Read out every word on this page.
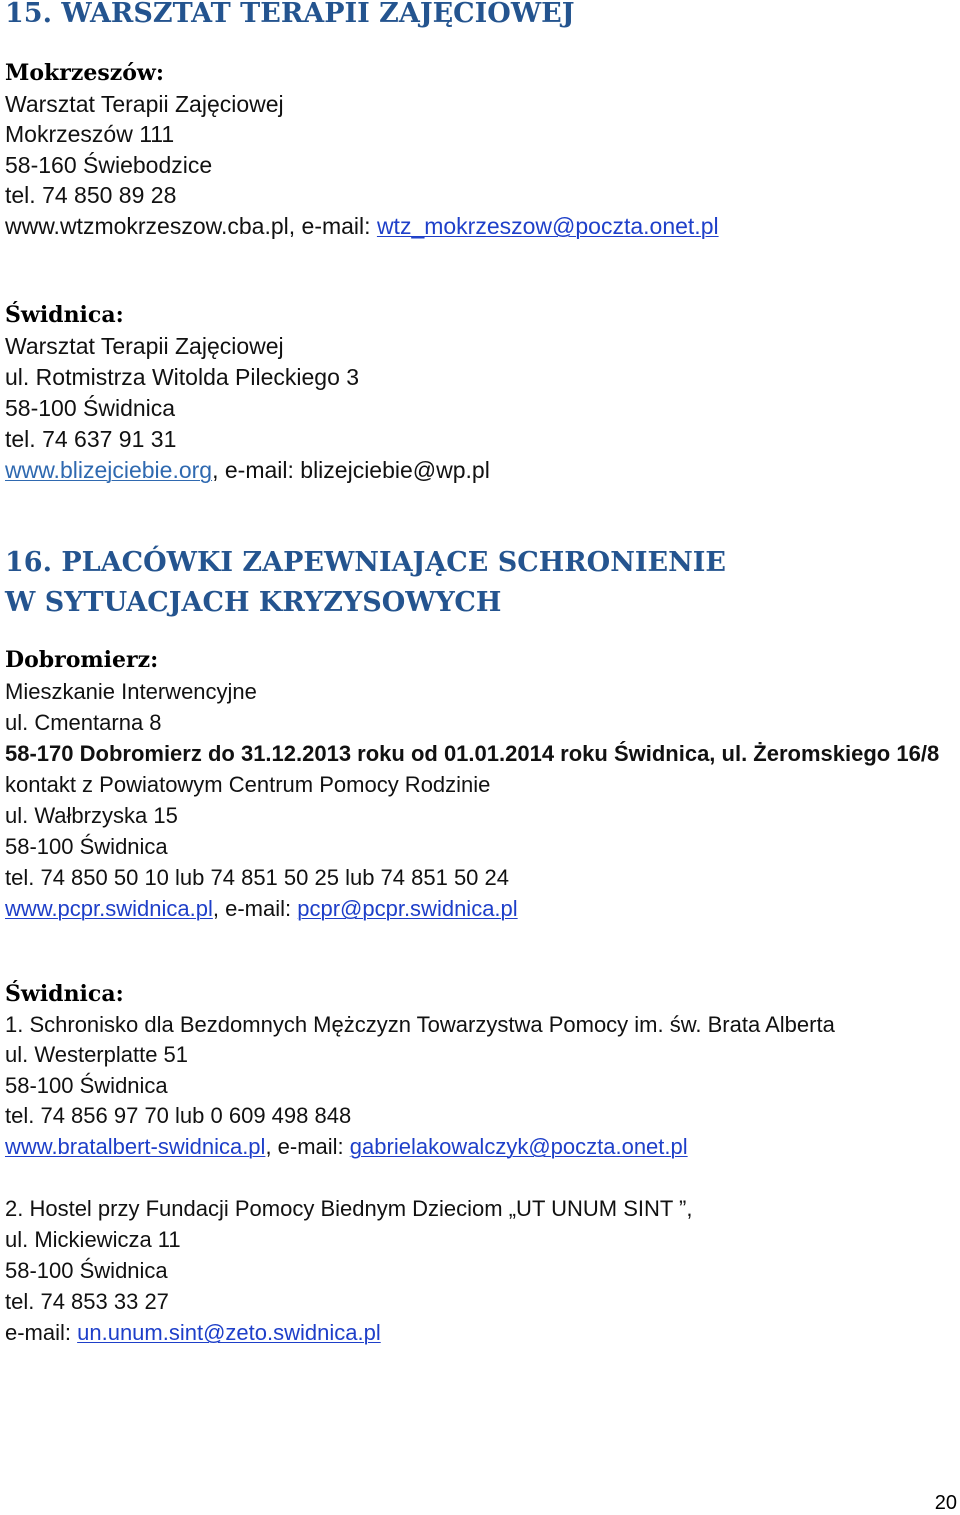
15. WARSZTAT TERAPII ZAJĘCIOWEJ
Mokrzeszów:
Warsztat Terapii Zajęciowej
Mokrzeszów 111
58-160 Świebodzice
tel. 74 850 89 28
www.wtzmokrzeszow.cba.pl, e-mail: wtz_mokrzeszow@poczta.onet.pl
Świdnica:
Warsztat Terapii Zajęciowej
ul. Rotmistrza Witolda Pileckiego 3
58-100 Świdnica
tel. 74 637 91 31
www.blizejciebie.org, e-mail: blizejciebie@wp.pl
16. PLACÓWKI ZAPEWNIAJĄCE SCHRONIENIE
W SYTUACJACH KRYZYSOWYCH
Dobromierz:
Mieszkanie Interwencyjne
ul. Cmentarna 8
58-170 Dobromierz do 31.12.2013 roku od 01.01.2014 roku Świdnica, ul. Żeromskiego 16/8
kontakt z Powiatowym Centrum Pomocy Rodzinie
ul. Wałbrzyska 15
58-100 Świdnica
tel. 74 850 50 10 lub 74 851 50 25 lub 74 851 50 24
www.pcpr.swidnica.pl, e-mail: pcpr@pcpr.swidnica.pl
Świdnica:
1. Schronisko dla Bezdomnych Mężczyzn Towarzystwa Pomocy im. św. Brata Alberta
ul. Westerplatte 51
58-100 Świdnica
tel. 74 856 97 70 lub 0 609 498 848
www.bratalbert-swidnica.pl, e-mail: gabrielakowalczyk@poczta.onet.pl
2. Hostel przy Fundacji Pomocy Biednym Dzieciom „UT UNUM SINT ”,
ul. Mickiewicza 11
58-100 Świdnica
tel. 74 853 33 27
e-mail: un.unum.sint@zeto.swidnica.pl
20
